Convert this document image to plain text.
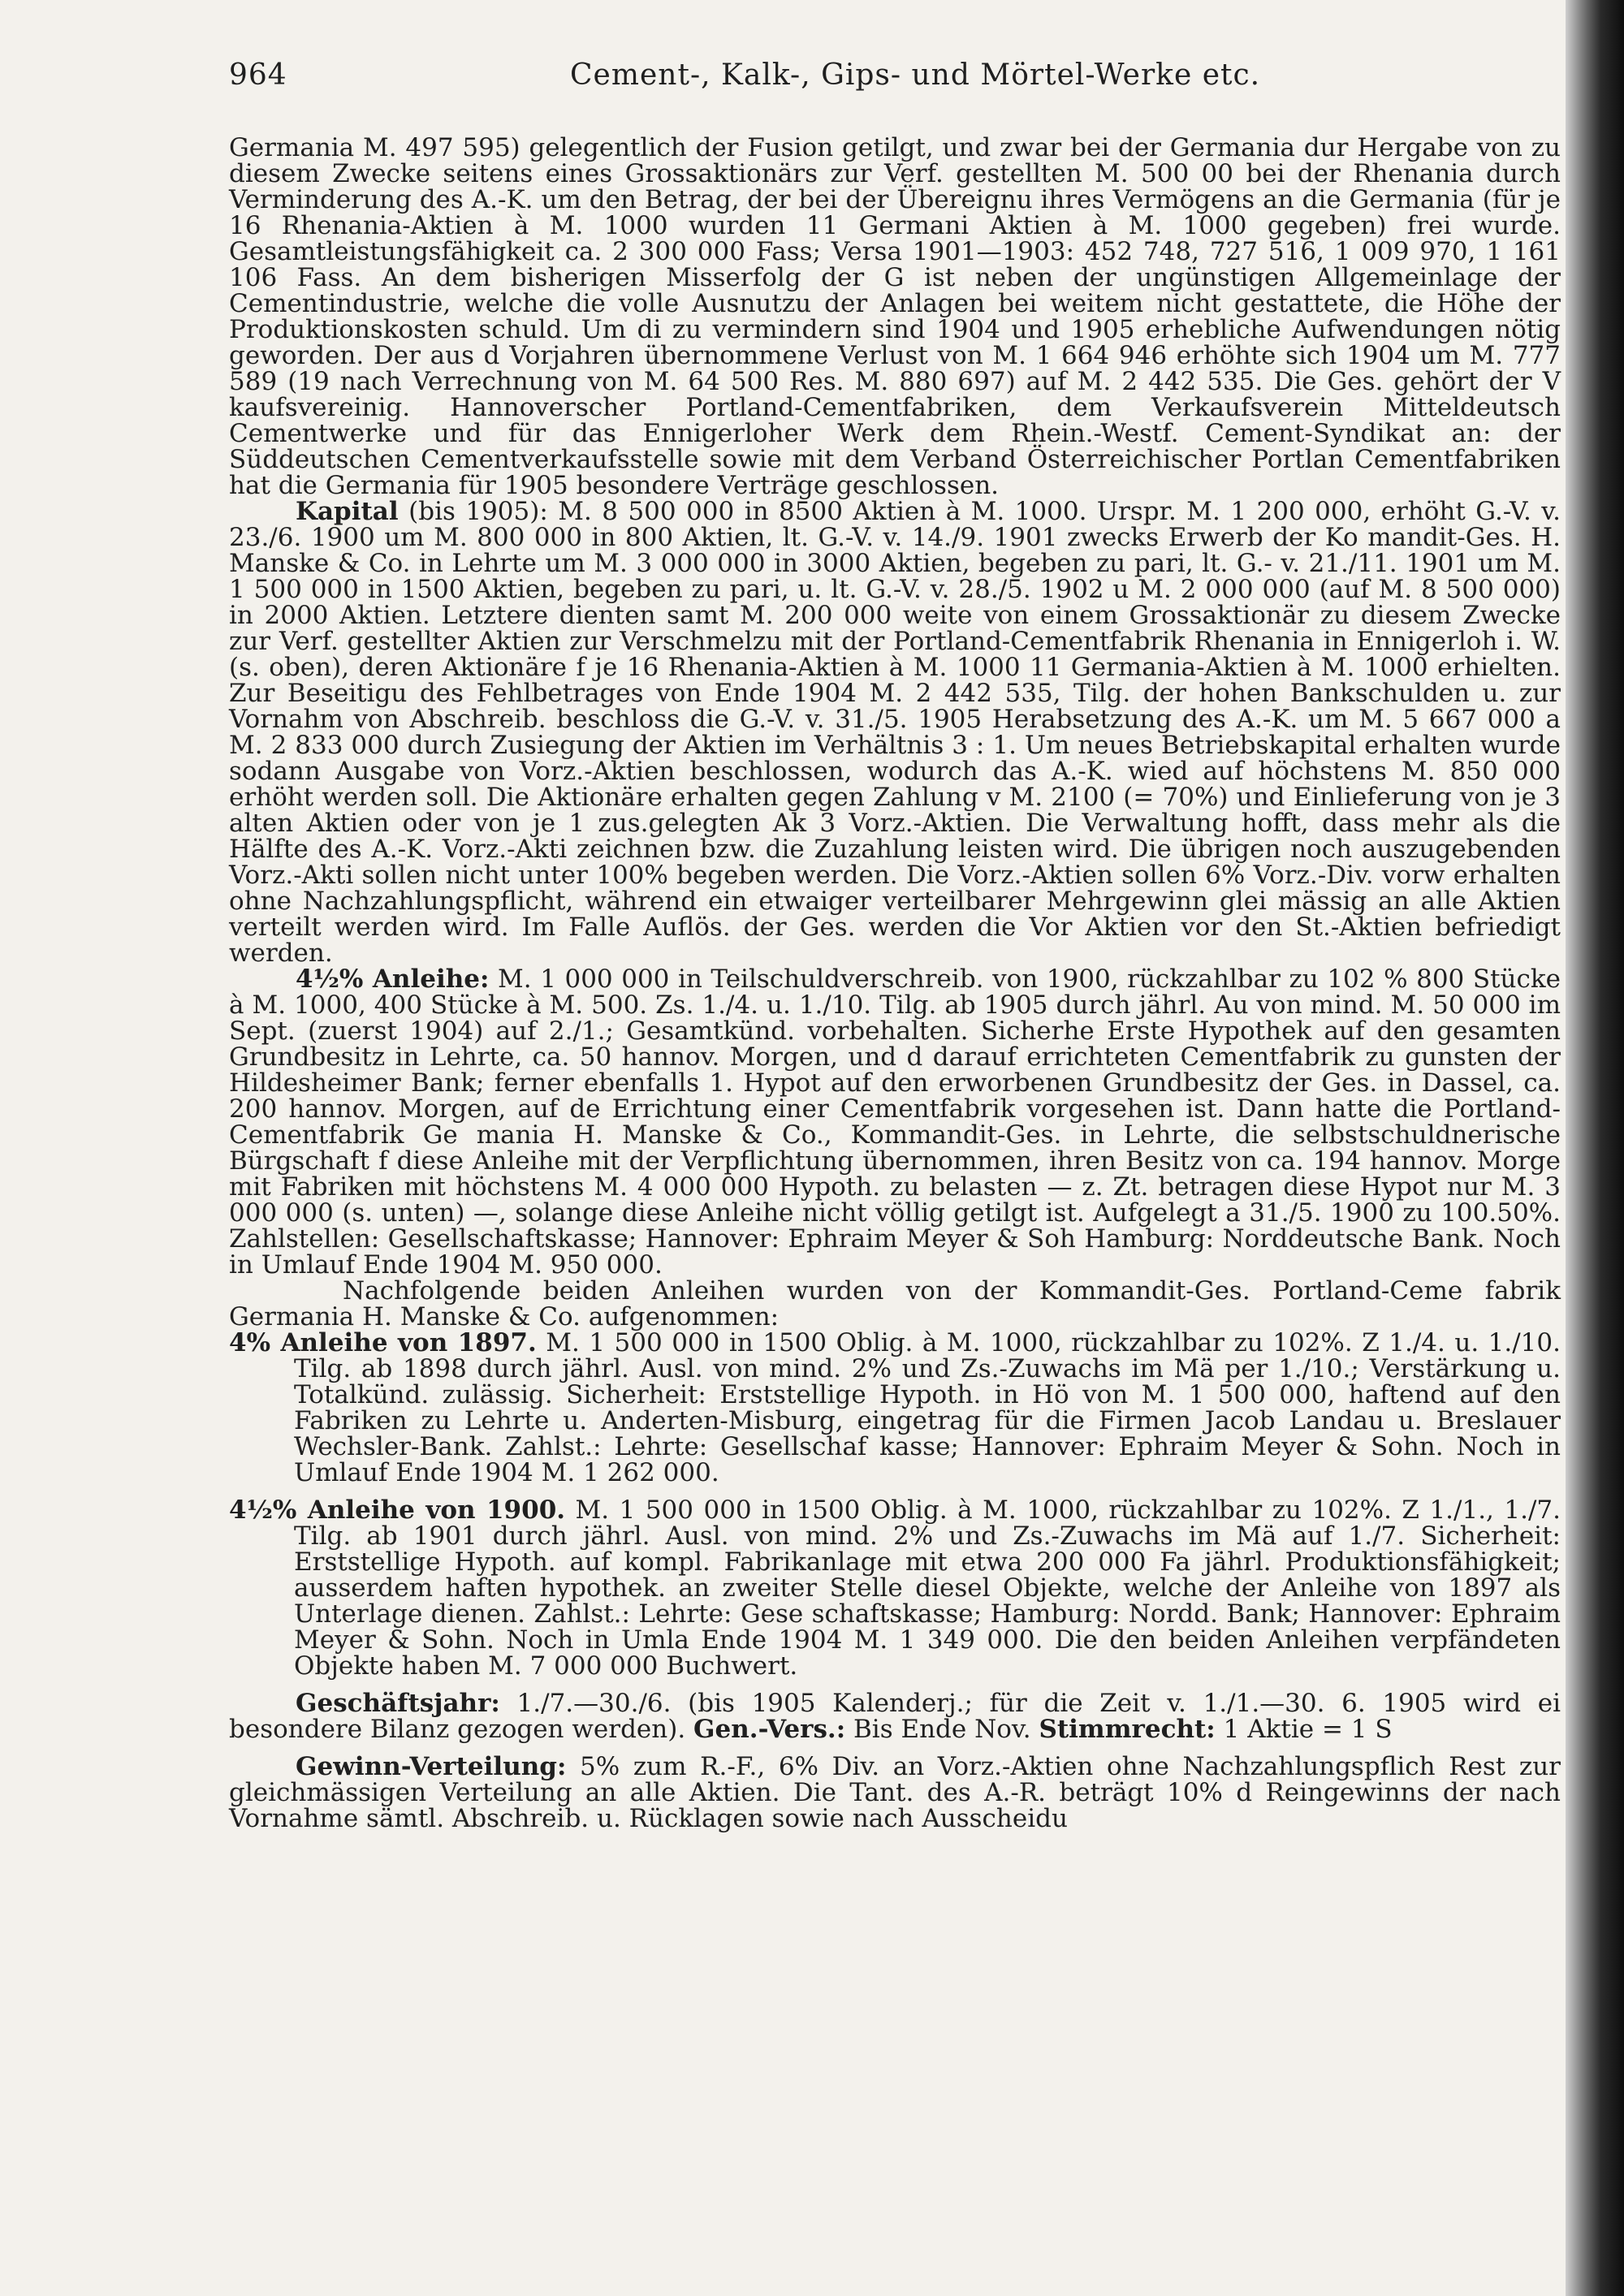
964	Cement-, Kalk-, Gips- und Mörtel-Werke etc.

Germania M. 497 595) gelegentlich der Fusion getilgt, und zwar bei der Germania dur Hergabe von zu diesem Zwecke seitens eines Grossaktionärs zur Verf. gestellten M. 500 00 bei der Rhenania durch Verminderung des A.-K. um den Betrag, der bei der Übereignu ihres Vermögens an die Germania (für je 16 Rhenania-Aktien à M. 1000 wurden 11 Germani Aktien à M. 1000 gegeben) frei wurde. Gesamtleistungsfähigkeit ca. 2 300 000 Fass; Versa 1901—1903: 452 748, 727 516, 1 009 970, 1 161 106 Fass. An dem bisherigen Misserfolg der G ist neben der ungünstigen Allgemeinlage der Cementindustrie, welche die volle Ausnutzu der Anlagen bei weitem nicht gestattete, die Höhe der Produktionskosten schuld. Um di zu vermindern sind 1904 und 1905 erhebliche Aufwendungen nötig geworden. Der aus d Vorjahren übernommene Verlust von M. 1 664 946 erhöhte sich 1904 um M. 777 589 (19 nach Verrechnung von M. 64 500 Res. M. 880 697) auf M. 2 442 535. Die Ges. gehört der V kaufsvereinig. Hannoverscher Portland-Cementfabriken, dem Verkaufsverein Mitteldeutsch Cementwerke und für das Ennigerloher Werk dem Rhein.-Westf. Cement-Syndikat an: der Süddeutschen Cementverkaufsstelle sowie mit dem Verband Österreichischer Portlan Cementfabriken hat die Germania für 1905 besondere Verträge geschlossen.

Kapital (bis 1905): M. 8 500 000 in 8500 Aktien à M. 1000. Urspr. M. 1 200 000, erhöht G.-V. v. 23./6. 1900 um M. 800 000 in 800 Aktien, lt. G.-V. v. 14./9. 1901 zwecks Erwerb der Ko mandit-Ges. H. Manske & Co. in Lehrte um M. 3 000 000 in 3000 Aktien, begeben zu pari, lt. G.- v. 21./11. 1901 um M. 1 500 000 in 1500 Aktien, begeben zu pari, u. lt. G.-V. v. 28./5. 1902 u M. 2 000 000 (auf M. 8 500 000) in 2000 Aktien. Letztere dienten samt M. 200 000 weite von einem Grossaktionär zu diesem Zwecke zur Verf. gestellter Aktien zur Verschmelzu mit der Portland-Cementfabrik Rhenania in Ennigerloh i. W. (s. oben), deren Aktionäre f je 16 Rhenania-Aktien à M. 1000 11 Germania-Aktien à M. 1000 erhielten. Zur Beseitigu des Fehlbetrages von Ende 1904 M. 2 442 535, Tilg. der hohen Bankschulden u. zur Vornahm von Abschreib. beschloss die G.-V. v. 31./5. 1905 Herabsetzung des A.-K. um M. 5 667 000 a M. 2 833 000 durch Zusiegung der Aktien im Verhältnis 3 : 1. Um neues Betriebskapital erhalten wurde sodann Ausgabe von Vorz.-Aktien beschlossen, wodurch das A.-K. wied auf höchstens M. 850 000 erhöht werden soll. Die Aktionäre erhalten gegen Zahlung v M. 2100 (= 70%) und Einlieferung von je 3 alten Aktien oder von je 1 zus.gelegten Ak 3 Vorz.-Aktien. Die Verwaltung hofft, dass mehr als die Hälfte des A.-K. Vorz.-Akti zeichnen bzw. die Zuzahlung leisten wird. Die übrigen noch auszugebenden Vorz.-Akti sollen nicht unter 100% begeben werden. Die Vorz.-Aktien sollen 6% Vorz.-Div. vorw erhalten ohne Nachzahlungspflicht, während ein etwaiger verteilbarer Mehrgewinn glei mässig an alle Aktien verteilt werden wird. Im Falle Auflös. der Ges. werden die Vor Aktien vor den St.-Aktien befriedigt werden.

4½% Anleihe: M. 1 000 000 in Teilschuldverschreib. von 1900, rückzahlbar zu 102 % 800 Stücke à M. 1000, 400 Stücke à M. 500. Zs. 1./4. u. 1./10. Tilg. ab 1905 durch jährl. Au von mind. M. 50 000 im Sept. (zuerst 1904) auf 2./1.; Gesamtkünd. vorbehalten. Sicherhe Erste Hypothek auf den gesamten Grundbesitz in Lehrte, ca. 50 hannov. Morgen, und d darauf errichteten Cementfabrik zu gunsten der Hildesheimer Bank; ferner ebenfalls 1. Hypot auf den erworbenen Grundbesitz der Ges. in Dassel, ca. 200 hannov. Morgen, auf de Errichtung einer Cementfabrik vorgesehen ist. Dann hatte die Portland-Cementfabrik Ge mania H. Manske & Co., Kommandit-Ges. in Lehrte, die selbstschuldnerische Bürgschaft f diese Anleihe mit der Verpflichtung übernommen, ihren Besitz von ca. 194 hannov. Morge mit Fabriken mit höchstens M. 4 000 000 Hypoth. zu belasten — z. Zt. betragen diese Hypot nur M. 3 000 000 (s. unten) —, solange diese Anleihe nicht völlig getilgt ist. Aufgelegt a 31./5. 1900 zu 100.50%. Zahlstellen: Gesellschaftskasse; Hannover: Ephraim Meyer & Soh Hamburg: Norddeutsche Bank. Noch in Umlauf Ende 1904 M. 950 000.

Nachfolgende beiden Anleihen wurden von der Kommandit-Ges. Portland-Ceme fabrik Germania H. Manske & Co. aufgenommen:

4% Anleihe von 1897. M. 1 500 000 in 1500 Oblig. à M. 1000, rückzahlbar zu 102%. Z 1./4. u. 1./10. Tilg. ab 1898 durch jährl. Ausl. von mind. 2% und Zs.-Zuwachs im Mä per 1./10.; Verstärkung u. Totalkünd. zulässig. Sicherheit: Erststellige Hypoth. in Hö von M. 1 500 000, haftend auf den Fabriken zu Lehrte u. Anderten-Misburg, eingetrag für die Firmen Jacob Landau u. Breslauer Wechsler-Bank. Zahlst.: Lehrte: Gesellschaf kasse; Hannover: Ephraim Meyer & Sohn. Noch in Umlauf Ende 1904 M. 1 262 000.

4½% Anleihe von 1900. M. 1 500 000 in 1500 Oblig. à M. 1000, rückzahlbar zu 102%. Z 1./1., 1./7. Tilg. ab 1901 durch jährl. Ausl. von mind. 2% und Zs.-Zuwachs im Mä auf 1./7. Sicherheit: Erststellige Hypoth. auf kompl. Fabrikanlage mit etwa 200 000 Fa jährl. Produktionsfähigkeit; ausserdem haften hypothek. an zweiter Stelle diesel Objekte, welche der Anleihe von 1897 als Unterlage dienen. Zahlst.: Lehrte: Gese schaftskasse; Hamburg: Nordd. Bank; Hannover: Ephraim Meyer & Sohn. Noch in Umla Ende 1904 M. 1 349 000. Die den beiden Anleihen verpfändeten Objekte haben M. 7 000 000 Buchwert.

Geschäftsjahr: 1./7.—30./6. (bis 1905 Kalenderj.; für die Zeit v. 1./1.—30. 6. 1905 wird ei besondere Bilanz gezogen werden). Gen.-Vers.: Bis Ende Nov. Stimmrecht: 1 Aktie = 1 S

Gewinn-Verteilung: 5% zum R.-F., 6% Div. an Vorz.-Aktien ohne Nachzahlungspflich Rest zur gleichmässigen Verteilung an alle Aktien. Die Tant. des A.-R. beträgt 10% d Reingewinns der nach Vornahme sämtl. Abschreib. u. Rücklagen sowie nach Ausscheidu
